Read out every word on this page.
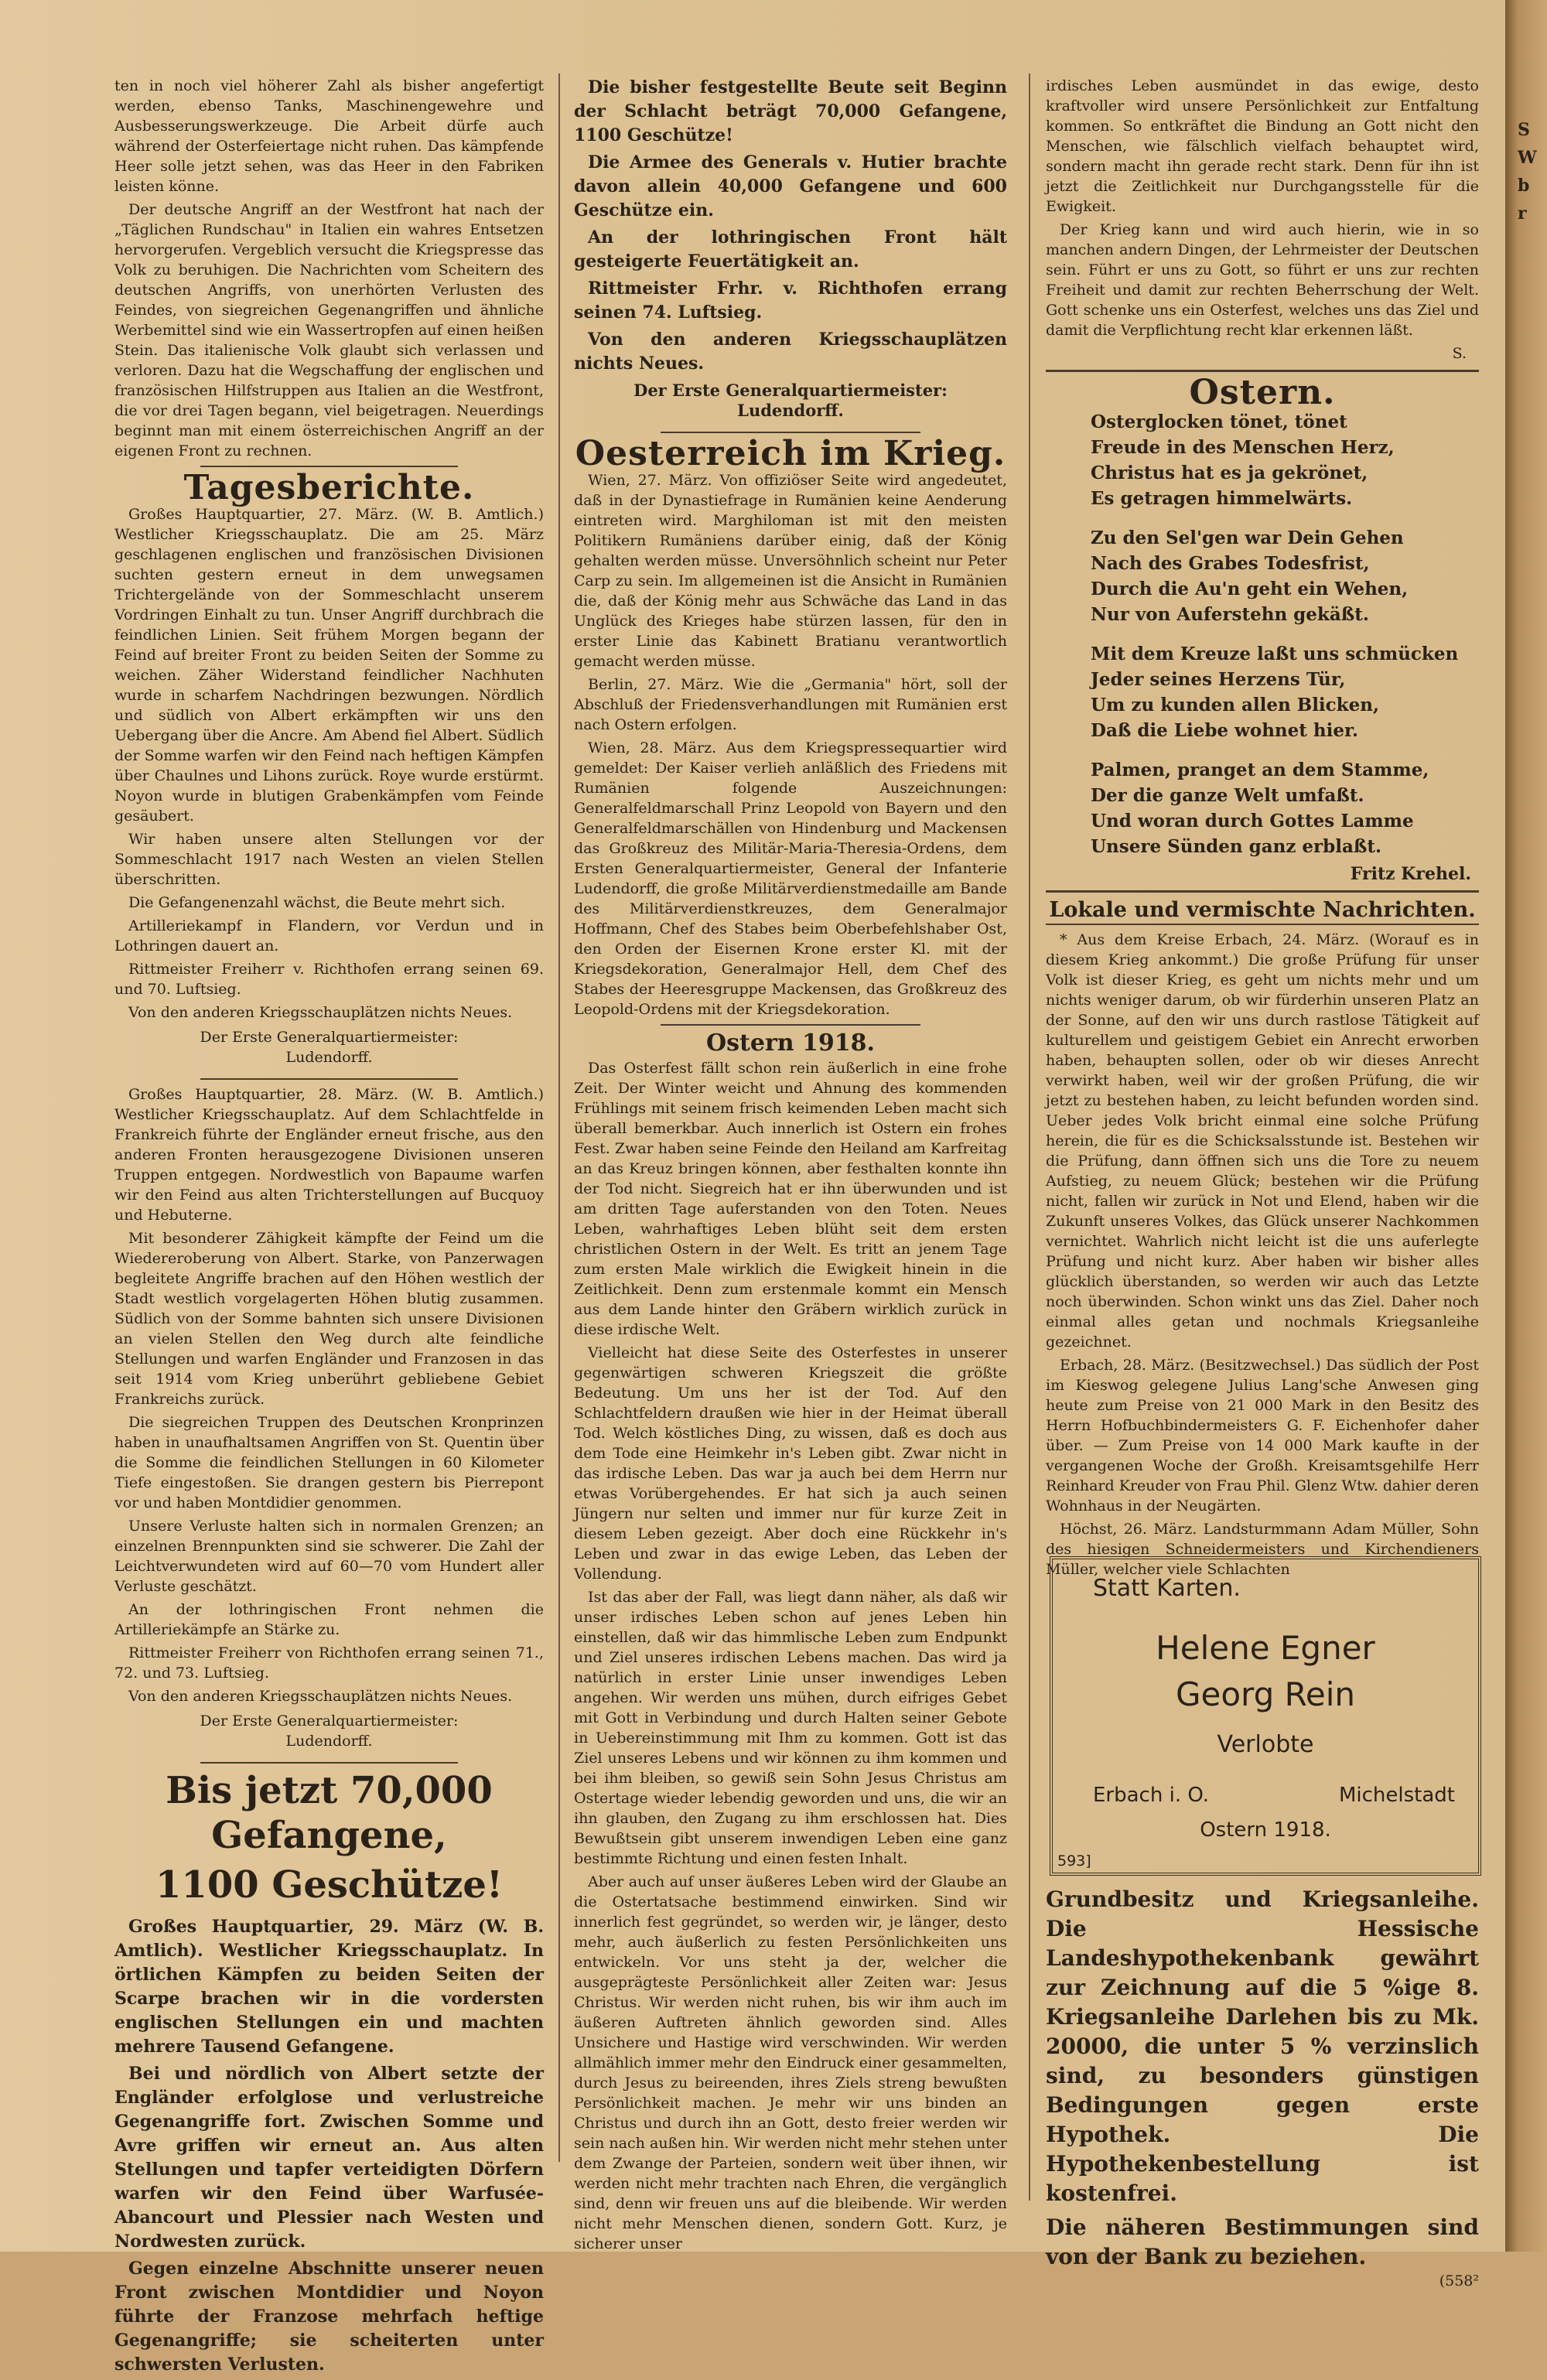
S
W
b
r

ten in noch viel höherer Zahl als bisher angefertigt werden, ebenso Tanks, Maschinengewehre und Ausbesserungswerkzeuge. Die Arbeit dürfe auch während der Osterfeiertage nicht ruhen. Das kämpfende Heer solle jetzt sehen, was das Heer in den Fabriken leisten könne.

Der deutsche Angriff an der Westfront hat nach der „Täglichen Rundschau" in Italien ein wahres Entsetzen hervorgerufen. Vergeblich versucht die Kriegspresse das Volk zu beruhigen. Die Nachrichten vom Scheitern des deutschen Angriffs, von unerhörten Verlusten des Feindes, von siegreichen Gegenangriffen und ähnliche Werbemittel sind wie ein Wassertropfen auf einen heißen Stein. Das italienische Volk glaubt sich verlassen und verloren. Dazu hat die Wegschaffung der englischen und französischen Hilfstruppen aus Italien an die Westfront, die vor drei Tagen begann, viel beigetragen. Neuerdings beginnt man mit einem österreichischen Angriff an der eigenen Front zu rechnen.

Tagesberichte.

Großes Hauptquartier, 27. März. (W. B. Amtlich.) Westlicher Kriegsschauplatz. Die am 25. März geschlagenen englischen und französischen Divisionen suchten gestern erneut in dem unwegsamen Trichtergelände von der Sommeschlacht unserem Vordringen Einhalt zu tun. Unser Angriff durchbrach die feindlichen Linien. Seit frühem Morgen begann der Feind auf breiter Front zu beiden Seiten der Somme zu weichen. Zäher Widerstand feindlicher Nachhuten wurde in scharfem Nachdringen bezwungen. Nördlich und südlich von Albert erkämpften wir uns den Uebergang über die Ancre. Am Abend fiel Albert. Südlich der Somme warfen wir den Feind nach heftigen Kämpfen über Chaulnes und Lihons zurück. Roye wurde erstürmt. Noyon wurde in blutigen Grabenkämpfen vom Feinde gesäubert.

Wir haben unsere alten Stellungen vor der Sommeschlacht 1917 nach Westen an vielen Stellen überschritten.

Die Gefangenenzahl wächst, die Beute mehrt sich.

Artilleriekampf in Flandern, vor Verdun und in Lothringen dauert an.

Rittmeister Freiherr v. Richthofen errang seinen 69. und 70. Luftsieg.

Von den anderen Kriegsschauplätzen nichts Neues.

Der Erste Generalquartiermeister:
Ludendorff.

Großes Hauptquartier, 28. März. (W. B. Amtlich.) Westlicher Kriegsschauplatz. Auf dem Schlachtfelde in Frankreich führte der Engländer erneut frische, aus den anderen Fronten herausgezogene Divisionen unseren Truppen entgegen. Nordwestlich von Bapaume warfen wir den Feind aus alten Trichterstellungen auf Bucquoy und Hebuterne.

Mit besonderer Zähigkeit kämpfte der Feind um die Wiedereroberung von Albert. Starke, von Panzerwagen begleitete Angriffe brachen auf den Höhen westlich der Stadt westlich vorgelagerten Höhen blutig zusammen. Südlich von der Somme bahnten sich unsere Divisionen an vielen Stellen den Weg durch alte feindliche Stellungen und warfen Engländer und Franzosen in das seit 1914 vom Krieg unberührt gebliebene Gebiet Frankreichs zurück.

Die siegreichen Truppen des Deutschen Kronprinzen haben in unaufhaltsamen Angriffen von St. Quentin über die Somme die feindlichen Stellungen in 60 Kilometer Tiefe eingestoßen. Sie drangen gestern bis Pierrepont vor und haben Montdidier genommen.

Unsere Verluste halten sich in normalen Grenzen; an einzelnen Brennpunkten sind sie schwerer. Die Zahl der Leichtverwundeten wird auf 60—70 vom Hundert aller Verluste geschätzt.

An der lothringischen Front nehmen die Artilleriekämpfe an Stärke zu.

Rittmeister Freiherr von Richthofen errang seinen 71., 72. und 73. Luftsieg.

Von den anderen Kriegsschauplätzen nichts Neues.

Der Erste Generalquartiermeister:
Ludendorff.
Bis jetzt 70,000 Gefangene,
1100 Geschütze!

Großes Hauptquartier, 29. März (W. B. Amtlich). Westlicher Kriegsschauplatz. In örtlichen Kämpfen zu beiden Seiten der Scarpe brachen wir in die vordersten englischen Stellungen ein und machten mehrere Tausend Gefangene.

Bei und nördlich von Albert setzte der Engländer erfolglose und verlustreiche Gegenangriffe fort. Zwischen Somme und Avre griffen wir erneut an. Aus alten Stellungen und tapfer verteidigten Dörfern warfen wir den Feind über Warfusée-Abancourt und Plessier nach Westen und Nordwesten zurück.

Gegen einzelne Abschnitte unserer neuen Front zwischen Montdidier und Noyon führte der Franzose mehrfach heftige Gegenangriffe; sie scheiterten unter schwersten Verlusten.

Die bisher festgestellte Beute seit Beginn der Schlacht beträgt 70,000 Gefangene, 1100 Geschütze!

Die Armee des Generals v. Hutier brachte davon allein 40,000 Gefangene und 600 Geschütze ein.

An der lothringischen Front hält gesteigerte Feuertätigkeit an.

Rittmeister Frhr. v. Richthofen errang seinen 74. Luftsieg.

Von den anderen Kriegsschauplätzen nichts Neues.

Der Erste Generalquartiermeister:
Ludendorff.
Oesterreich im Krieg.

Wien, 27. März. Von offiziöser Seite wird angedeutet, daß in der Dynastiefrage in Rumänien keine Aenderung eintreten wird. Marghiloman ist mit den meisten Politikern Rumäniens darüber einig, daß der König gehalten werden müsse. Unversöhnlich scheint nur Peter Carp zu sein. Im allgemeinen ist die Ansicht in Rumänien die, daß der König mehr aus Schwäche das Land in das Unglück des Krieges habe stürzen lassen, für den in erster Linie das Kabinett Bratianu verantwortlich gemacht werden müsse.

Berlin, 27. März. Wie die „Germania" hört, soll der Abschluß der Friedensverhandlungen mit Rumänien erst nach Ostern erfolgen.

Wien, 28. März. Aus dem Kriegspressequartier wird gemeldet: Der Kaiser verlieh anläßlich des Friedens mit Rumänien folgende Auszeichnungen: Generalfeldmarschall Prinz Leopold von Bayern und den Generalfeldmarschällen von Hindenburg und Mackensen das Großkreuz des Militär-Maria-Theresia-Ordens, dem Ersten Generalquartiermeister, General der Infanterie Ludendorff, die große Militärverdienstmedaille am Bande des Militärverdienstkreuzes, dem Generalmajor Hoffmann, Chef des Stabes beim Oberbefehlshaber Ost, den Orden der Eisernen Krone erster Kl. mit der Kriegsdekoration, Generalmajor Hell, dem Chef des Stabes der Heeresgruppe Mackensen, das Großkreuz des Leopold-Ordens mit der Kriegsdekoration.

Ostern 1918.

Das Osterfest fällt schon rein äußerlich in eine frohe Zeit. Der Winter weicht und Ahnung des kommenden Frühlings mit seinem frisch keimenden Leben macht sich überall bemerkbar. Auch innerlich ist Ostern ein frohes Fest. Zwar haben seine Feinde den Heiland am Karfreitag an das Kreuz bringen können, aber festhalten konnte ihn der Tod nicht. Siegreich hat er ihn überwunden und ist am dritten Tage auferstanden von den Toten. Neues Leben, wahrhaftiges Leben blüht seit dem ersten christlichen Ostern in der Welt. Es tritt an jenem Tage zum ersten Male wirklich die Ewigkeit hinein in die Zeitlichkeit. Denn zum erstenmale kommt ein Mensch aus dem Lande hinter den Gräbern wirklich zurück in diese irdische Welt.

Vielleicht hat diese Seite des Osterfestes in unserer gegenwärtigen schweren Kriegszeit die größte Bedeutung. Um uns her ist der Tod. Auf den Schlachtfeldern draußen wie hier in der Heimat überall Tod. Welch köstliches Ding, zu wissen, daß es doch aus dem Tode eine Heimkehr in's Leben gibt. Zwar nicht in das irdische Leben. Das war ja auch bei dem Herrn nur etwas Vorübergehendes. Er hat sich ja auch seinen Jüngern nur selten und immer nur für kurze Zeit in diesem Leben gezeigt. Aber doch eine Rückkehr in's Leben und zwar in das ewige Leben, das Leben der Vollendung.

Ist das aber der Fall, was liegt dann näher, als daß wir unser irdisches Leben schon auf jenes Leben hin einstellen, daß wir das himmlische Leben zum Endpunkt und Ziel unseres irdischen Lebens machen. Das wird ja natürlich in erster Linie unser inwendiges Leben angehen. Wir werden uns mühen, durch eifriges Gebet mit Gott in Verbindung und durch Halten seiner Gebote in Uebereinstimmung mit Ihm zu kommen. Gott ist das Ziel unseres Lebens und wir können zu ihm kommen und bei ihm bleiben, so gewiß sein Sohn Jesus Christus am Ostertage wieder lebendig geworden und uns, die wir an ihn glauben, den Zugang zu ihm erschlossen hat. Dies Bewußtsein gibt unserem inwendigen Leben eine ganz bestimmte Richtung und einen festen Inhalt.

Aber auch auf unser äußeres Leben wird der Glaube an die Ostertatsache bestimmend einwirken. Sind wir innerlich fest gegründet, so werden wir, je länger, desto mehr, auch äußerlich zu festen Persönlichkeiten uns entwickeln. Vor uns steht ja der, welcher die ausgeprägteste Persönlichkeit aller Zeiten war: Jesus Christus. Wir werden nicht ruhen, bis wir ihm auch im äußeren Auftreten ähnlich geworden sind. Alles Unsichere und Hastige wird verschwinden. Wir werden allmählich immer mehr den Eindruck einer gesammelten, durch Jesus zu beireenden, ihres Ziels streng bewußten Persönlichkeit machen. Je mehr wir uns binden an Christus und durch ihn an Gott, desto freier werden wir sein nach außen hin. Wir werden nicht mehr stehen unter dem Zwange der Parteien, sondern weit über ihnen, wir werden nicht mehr trachten nach Ehren, die vergänglich sind, denn wir freuen uns auf die bleibende. Wir werden nicht mehr Menschen dienen, sondern Gott. Kurz, je sicherer unser

irdisches Leben ausmündet in das ewige, desto kraftvoller wird unsere Persönlichkeit zur Entfaltung kommen. So entkräftet die Bindung an Gott nicht den Menschen, wie fälschlich vielfach behauptet wird, sondern macht ihn gerade recht stark. Denn für ihn ist jetzt die Zeitlichkeit nur Durchgangsstelle für die Ewigkeit.

Der Krieg kann und wird auch hierin, wie in so manchen andern Dingen, der Lehrmeister der Deutschen sein. Führt er uns zu Gott, so führt er uns zur rechten Freiheit und damit zur rechten Beherrschung der Welt. Gott schenke uns ein Osterfest, welches uns das Ziel und damit die Verpflichtung recht klar erkennen läßt.

S.
Ostern.
Osterglocken tönet, tönet
Freude in des Menschen Herz,
Christus hat es ja gekrönet,
Es getragen himmelwärts.
Zu den Sel'gen war Dein Gehen
Nach des Grabes Todesfrist,
Durch die Au'n geht ein Wehen,
Nur von Auferstehn gekäßt.
Mit dem Kreuze laßt uns schmücken
Jeder seines Herzens Tür,
Um zu kunden allen Blicken,
Daß die Liebe wohnet hier.
Palmen, pranget an dem Stamme,
Der die ganze Welt umfaßt.
Und woran durch Gottes Lamme
Unsere Sünden ganz erblaßt.
Fritz Krehel.
Lokale und vermischte Nachrichten.

* Aus dem Kreise Erbach, 24. März. (Worauf es in diesem Krieg ankommt.) Die große Prüfung für unser Volk ist dieser Krieg, es geht um nichts mehr und um nichts weniger darum, ob wir fürderhin unseren Platz an der Sonne, auf den wir uns durch rastlose Tätigkeit auf kulturellem und geistigem Gebiet ein Anrecht erworben haben, behaupten sollen, oder ob wir dieses Anrecht verwirkt haben, weil wir der großen Prüfung, die wir jetzt zu bestehen haben, zu leicht befunden worden sind. Ueber jedes Volk bricht einmal eine solche Prüfung herein, die für es die Schicksalsstunde ist. Bestehen wir die Prüfung, dann öffnen sich uns die Tore zu neuem Aufstieg, zu neuem Glück; bestehen wir die Prüfung nicht, fallen wir zurück in Not und Elend, haben wir die Zukunft unseres Volkes, das Glück unserer Nachkommen vernichtet. Wahrlich nicht leicht ist die uns auferlegte Prüfung und nicht kurz. Aber haben wir bisher alles glücklich überstanden, so werden wir auch das Letzte noch überwinden. Schon winkt uns das Ziel. Daher noch einmal alles getan und nochmals Kriegsanleihe gezeichnet.

Erbach, 28. März. (Besitzwechsel.) Das südlich der Post im Kieswog gelegene Julius Lang'sche Anwesen ging heute zum Preise von 21 000 Mark in den Besitz des Herrn Hofbuchbindermeisters G. F. Eichenhofer daher über. — Zum Preise von 14 000 Mark kaufte in der vergangenen Woche der Großh. Kreisamtsgehilfe Herr Reinhard Kreuder von Frau Phil. Glenz Wtw. dahier deren Wohnhaus in der Neugärten.

Höchst, 26. März. Landsturmmann Adam Müller, Sohn des hiesigen Schneidermeisters und Kirchendieners Müller, welcher viele Schlachten

Statt Karten.
Helene Egner
Georg Rein
Verlobte
Erbach i. O.	Michelstadt
Ostern 1918.
593]
Grundbesitz und Kriegsanleihe. Die Hessische Landeshypothekenbank gewährt zur Zeichnung auf die 5 %ige 8. Kriegsanleihe Darlehen bis zu Mk. 20000, die unter 5 % verzinslich sind, zu besonders günstigen Bedingungen gegen erste Hypothek. Die Hypothekenbestellung ist kostenfrei.
Die näheren Bestimmungen sind von der Bank zu beziehen.
(558²
